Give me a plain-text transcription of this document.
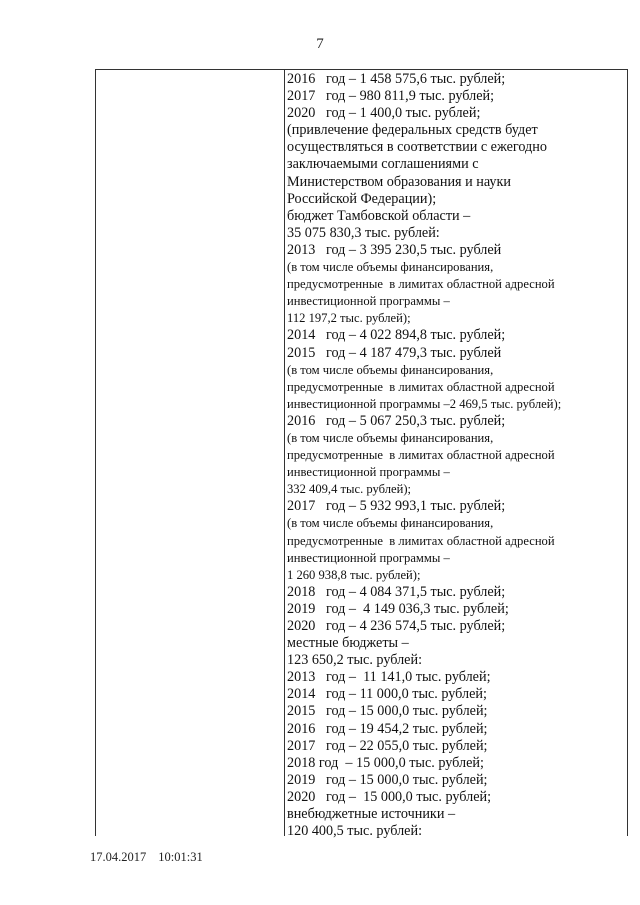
7
2016   год – 1 458 575,6 тыс. рублей;
2017   год – 980 811,9 тыс. рублей;
2020   год – 1 400,0 тыс. рублей;
(привлечение федеральных средств будет
осуществляться в соответствии с ежегодно
заключаемыми соглашениями с
Министерством образования и науки
Российской Федерации);
бюджет Тамбовской области –
35 075 830,3 тыс. рублей:
2013   год – 3 395 230,5 тыс. рублей
(в том числе объемы финансирования,
предусмотренные  в лимитах областной адресной
инвестиционной программы –
112 197,2 тыс. рублей);
2014   год – 4 022 894,8 тыс. рублей;
2015   год – 4 187 479,3 тыс. рублей
(в том числе объемы финансирования,
предусмотренные  в лимитах областной адресной
инвестиционной программы –2 469,5 тыс. рублей);
2016   год – 5 067 250,3 тыс. рублей;
(в том числе объемы финансирования,
предусмотренные  в лимитах областной адресной
инвестиционной программы –
332 409,4 тыс. рублей);
2017   год – 5 932 993,1 тыс. рублей;
(в том числе объемы финансирования,
предусмотренные  в лимитах областной адресной
инвестиционной программы –
1 260 938,8 тыс. рублей);
2018   год – 4 084 371,5 тыс. рублей;
2019   год –  4 149 036,3 тыс. рублей;
2020   год – 4 236 574,5 тыс. рублей;
местные бюджеты –
123 650,2 тыс. рублей:
2013   год –  11 141,0 тыс. рублей;
2014   год – 11 000,0 тыс. рублей;
2015   год – 15 000,0 тыс. рублей;
2016   год – 19 454,2 тыс. рублей;
2017   год – 22 055,0 тыс. рублей;
2018 год  – 15 000,0 тыс. рублей;
2019   год – 15 000,0 тыс. рублей;
2020   год –  15 000,0 тыс. рублей;
внебюджетные источники –
120 400,5 тыс. рублей:
17.04.2017 10:01:31
